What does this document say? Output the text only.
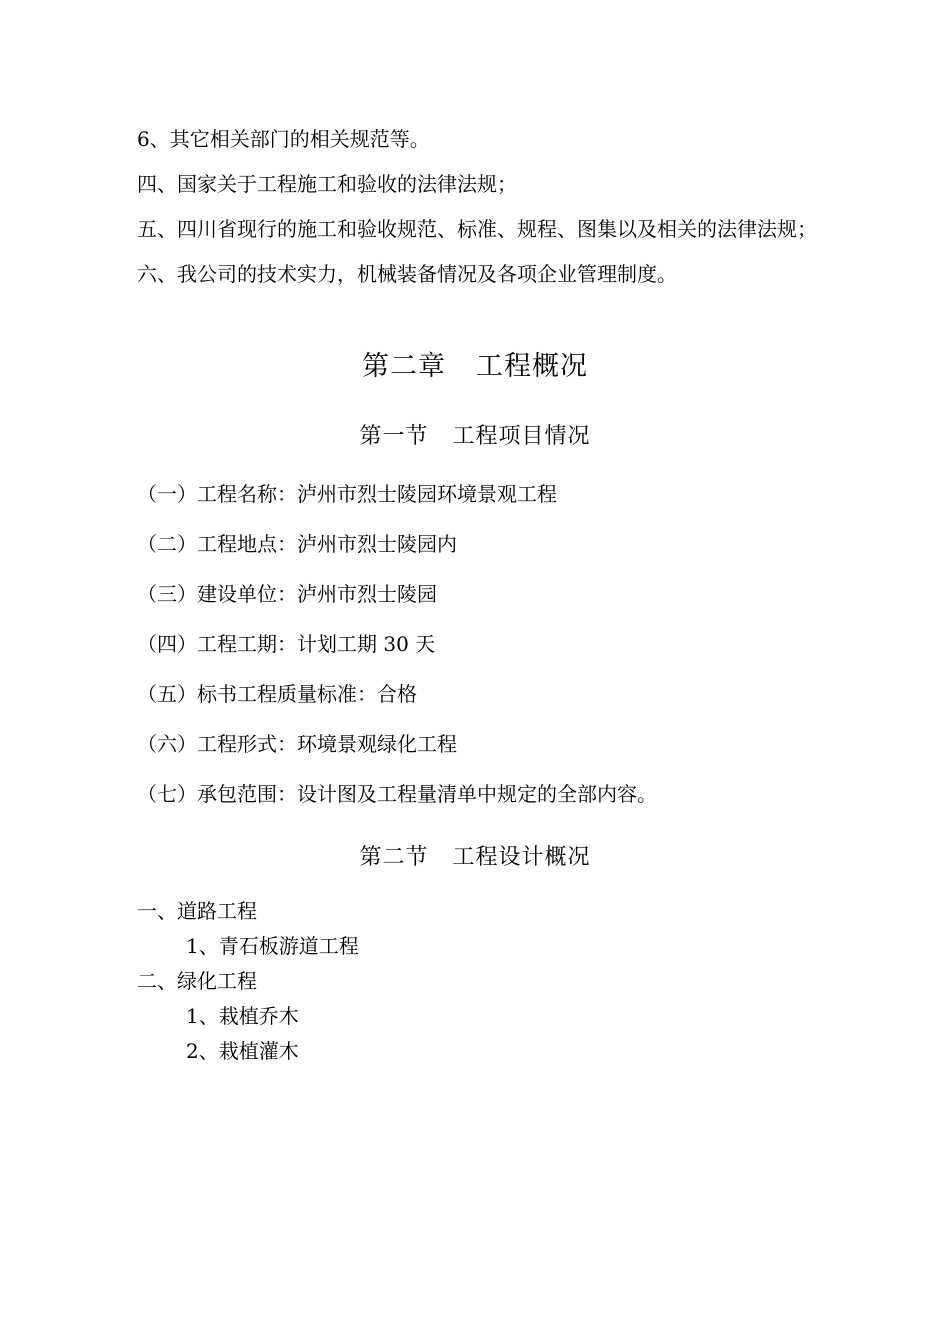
6、其它相关部门的相关规范等。
四、国家关于工程施工和验收的法律法规；
五、四川省现行的施工和验收规范、标准、规程、图集以及相关的法律法规；
六、我公司的技术实力，机械装备情况及各项企业管理制度。
第二章 工程概况
第一节 工程项目情况
（一）工程名称：泸州市烈士陵园环境景观工程
（二）工程地点：泸州市烈士陵园内
（三）建设单位：泸州市烈士陵园
（四）工程工期：计划工期 30 天
（五）标书工程质量标准：合格
（六）工程形式：环境景观绿化工程
（七）承包范围：设计图及工程量清单中规定的全部内容。
第二节 工程设计概况
一、道路工程
1、青石板游道工程
二、绿化工程
1、栽植乔木
2、栽植灌木
